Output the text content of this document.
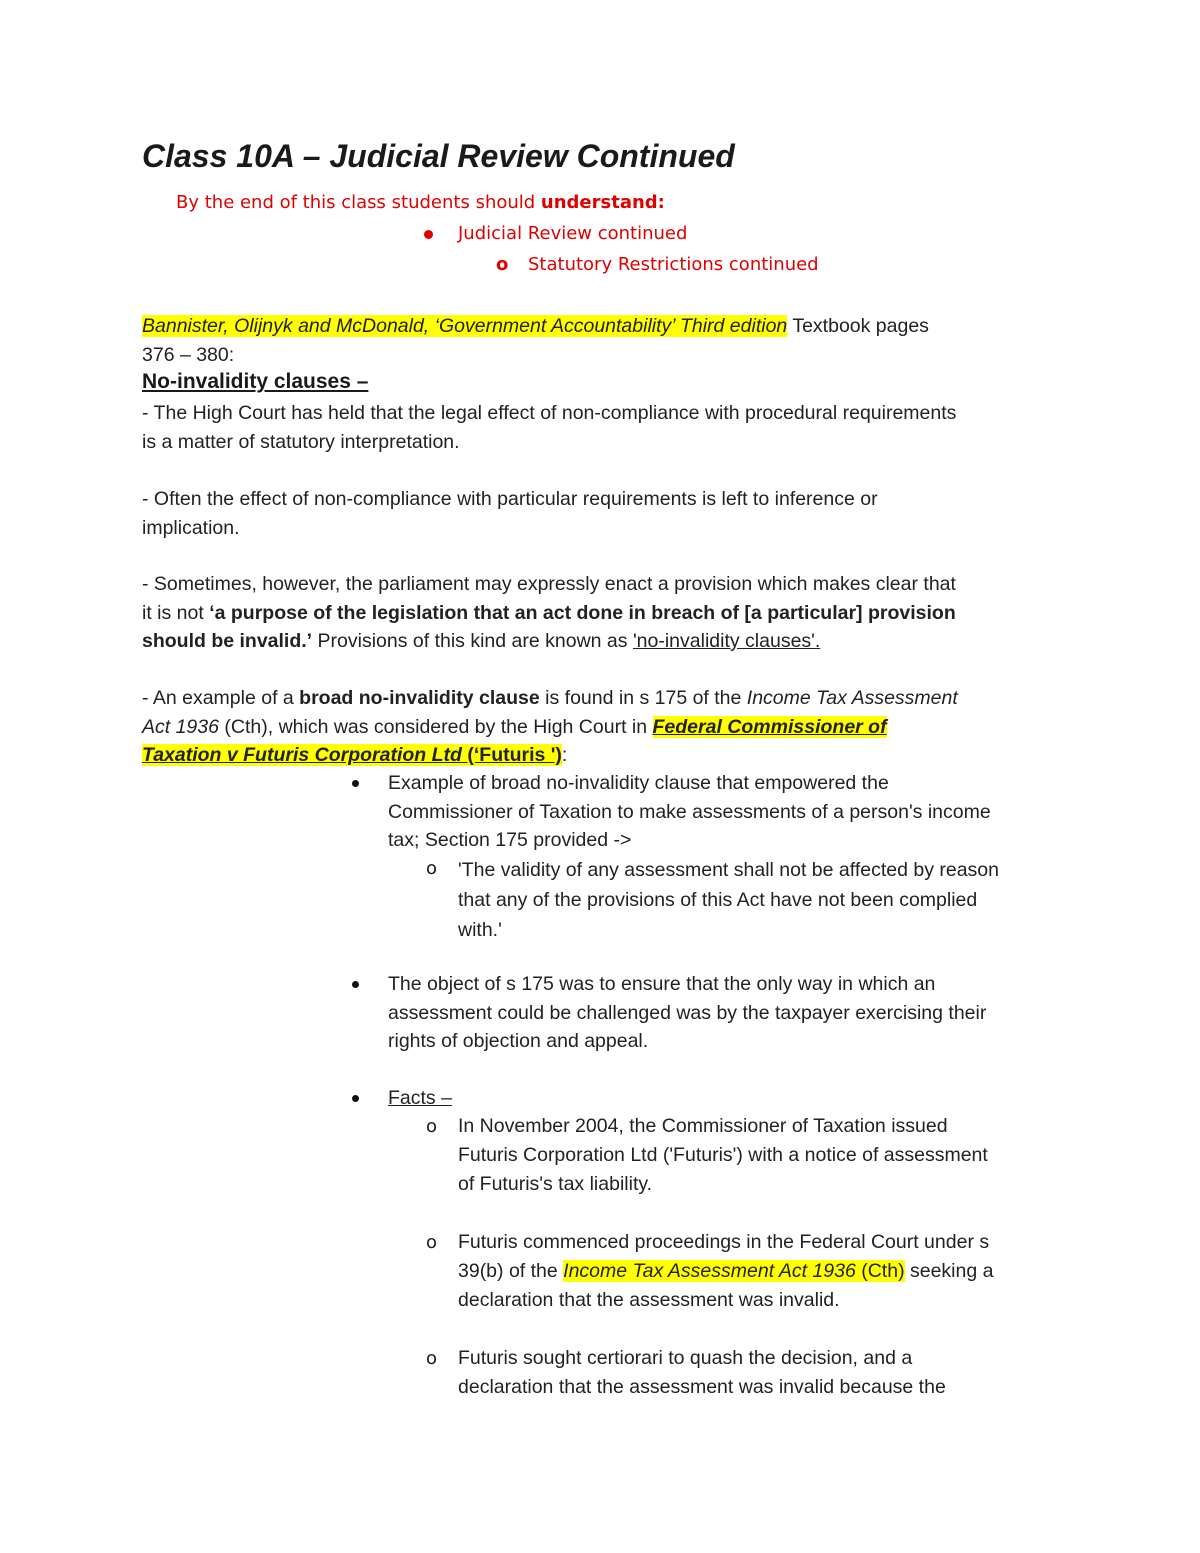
Class 10A – Judicial Review Continued
By the end of this class students should understand:
Judicial Review continued
o Statutory Restrictions continued
Bannister, Olijnyk and McDonald, ‘Government Accountability’ Third edition Textbook pages
376 – 380:
No-invalidity clauses –
- The High Court has held that the legal effect of non-compliance with procedural requirements
is a matter of statutory interpretation.
- Often the effect of non-compliance with particular requirements is left to inference or
implication.
- Sometimes, however, the parliament may expressly enact a provision which makes clear that
it is not ‘a purpose of the legislation that an act done in breach of [a particular] provision
should be invalid.’ Provisions of this kind are known as 'no-invalidity clauses'.
- An example of a broad no-invalidity clause is found in s 175 of the Income Tax Assessment
Act 1936 (Cth), which was considered by the High Court in Federal Commissioner of
Taxation v Futuris Corporation Ltd (‘Futuris '):
Example of broad no-invalidity clause that empowered the
Commissioner of Taxation to make assessments of a person's income
tax; Section 175 provided ->
o 'The validity of any assessment shall not be affected by reason
that any of the provisions of this Act have not been complied
with.'
The object of s 175 was to ensure that the only way in which an
assessment could be challenged was by the taxpayer exercising their
rights of objection and appeal.
Facts –
o In November 2004, the Commissioner of Taxation issued
Futuris Corporation Ltd ('Futuris') with a notice of assessment
of Futuris's tax liability.
o Futuris commenced proceedings in the Federal Court under s
39(b) of the Income Tax Assessment Act 1936 (Cth) seeking a
declaration that the assessment was invalid.
o Futuris sought certiorari to quash the decision, and a
declaration that the assessment was invalid because the
